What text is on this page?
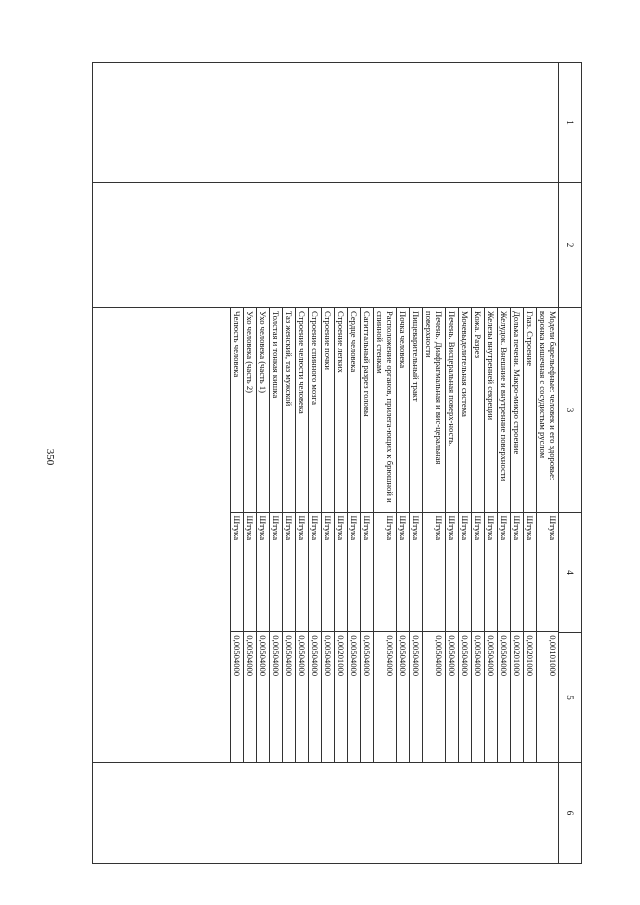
350
1
2
3
4
5
6
Модели барельефные: человек и его здоровье: воронка кишечная с сосудистым руслом
Штука
0,00101000
Глаз. Строение
Штука
0,00201000
Долька печени. Макро-микро строение
Штука
0,00201000
Желудок. Внешние и внутренние поверхности
Штука
0,00504000
Железы внутренней секреции
Штука
0,00504000
Кожа. Разрез
Штука
0,00504000
Мочевыделительная система
Штука
0,00504000
Печень. Висцеральная поверх-ность.
Штука
0,00504000
Печень. Диафрагмальная и вис-церальная поверхности
Штука
0,00504000
Пищеварительный тракт
Штука
0,00504000
Почка человека
Штука
0,00504000
Расположение органов, прилега-ющих к брюшной и спинной стенкам
Штука
0,00504000
Сагиттальный разрез головы
Штука
0,00504000
Сердце человека
Штука
0,00504000
Строение легких
Штука
0,00201000
Строение почки
Штука
0,00504000
Строение спинного мозга
Штука
0,00504000
Строение челюсти человека
Штука
0,00504000
Таз женский, таз мужской
Штука
0,00504000
Толстая и тонкая кишка
Штука
0,00504000
Ухо человека (часть 1)
Штука
0,00504000
Ухо человека (часть 2)
Штука
0,00504000
Челюсть человека
Штука
0,00504000
